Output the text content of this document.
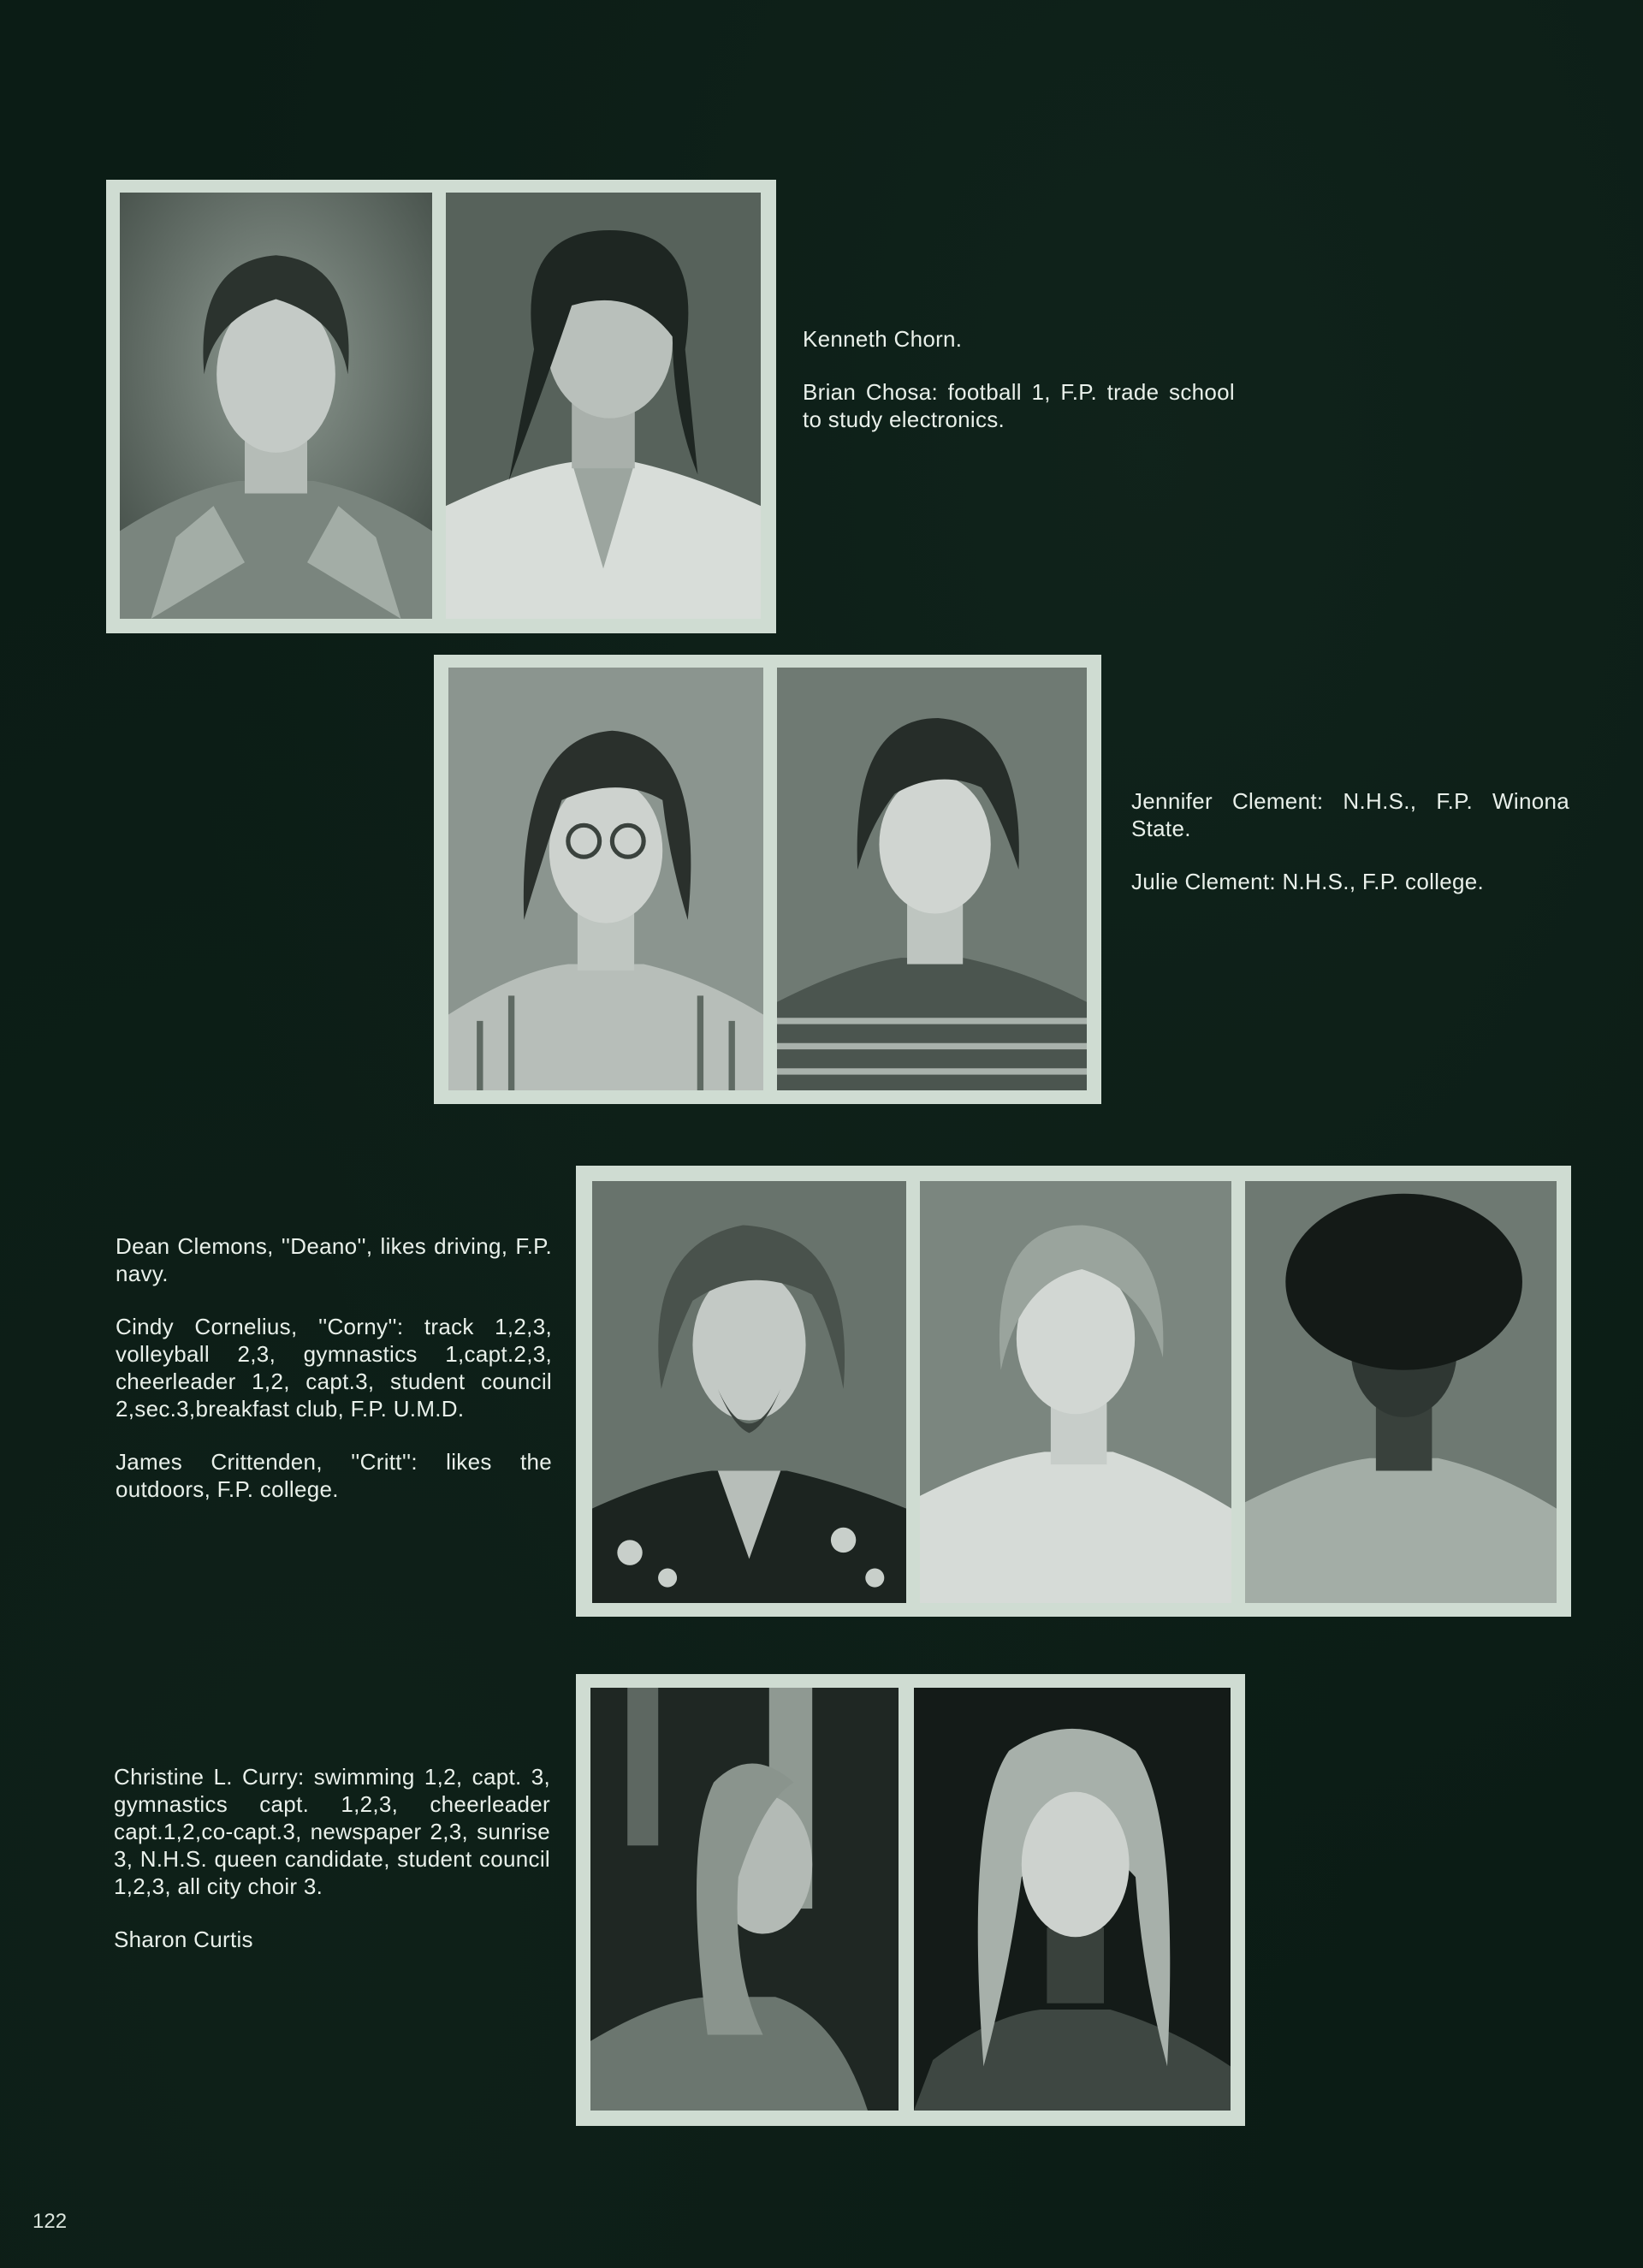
Kenneth Chorn.

Brian Chosa: football 1, F.P. trade school to study electronics.

Jennifer Clement: N.H.S., F.P. Winona State.

Julie Clement: N.H.S., F.P. college.

Dean Clemons, ''Deano'', likes driving, F.P. navy.

Cindy Cornelius, ''Corny'': track 1,2,3, volleyball 2,3, gymnastics 1,capt.2,3, cheerleader 1,2, capt.3, student council 2,sec.3,breakfast club, F.P. U.M.D.

James Crittenden, ''Critt'': likes the outdoors, F.P. college.

Christine L. Curry: swimming 1,2, capt. 3, gymnastics capt. 1,2,3, cheerleader capt.1,2,co-capt.3, newspaper 2,3, sunrise 3, N.H.S. queen candidate, student council 1,2,3, all city choir 3.

Sharon Curtis

122
